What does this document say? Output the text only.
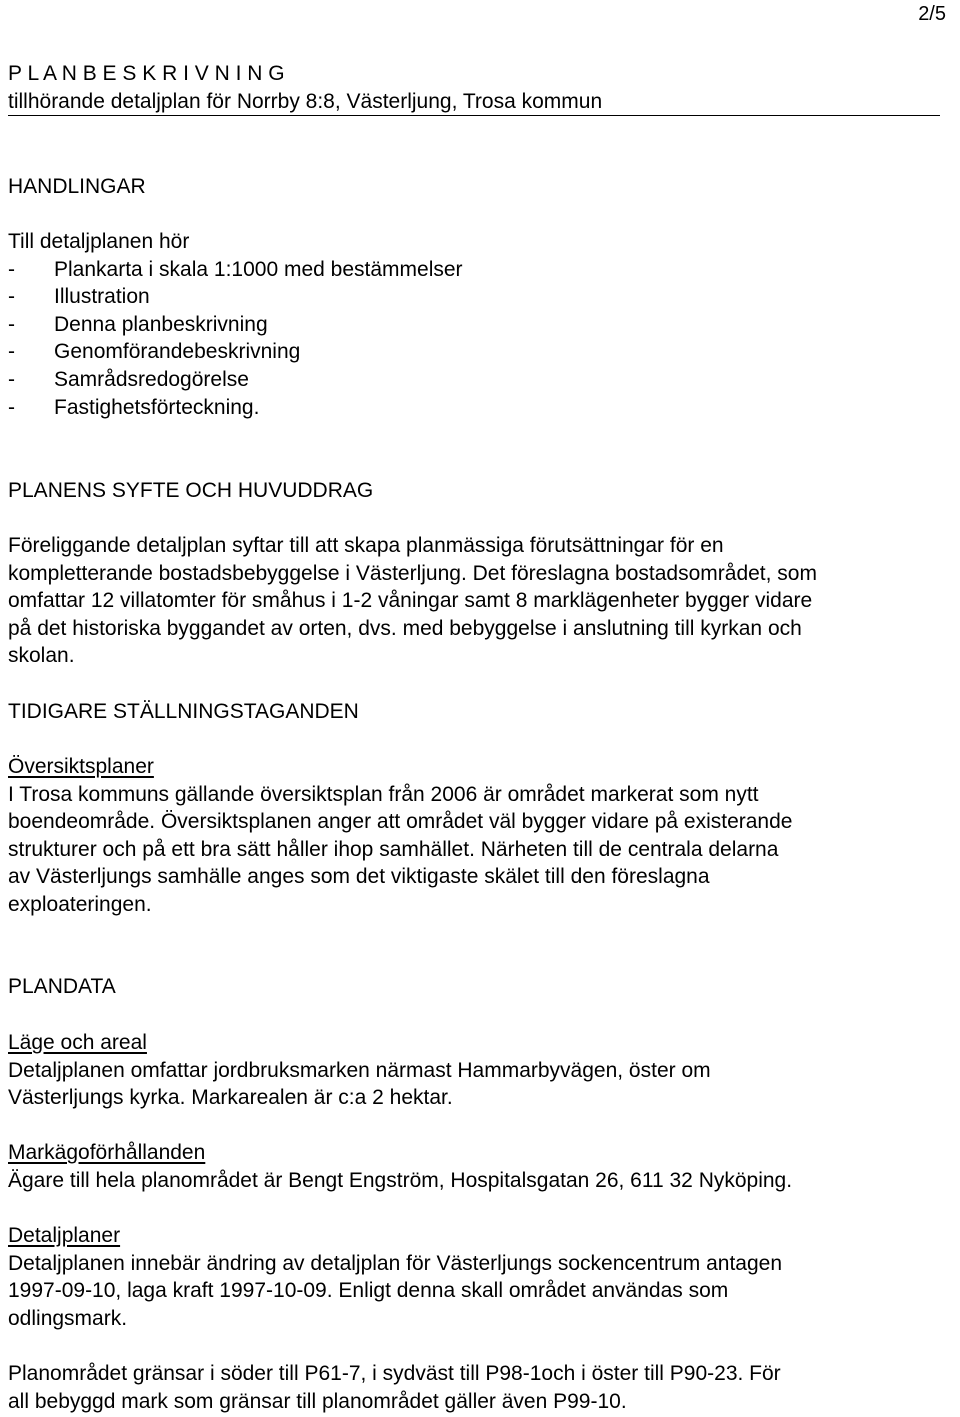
2/5
P L A N B E S K R I V N I N G
tillhörande detaljplan för Norrby 8:8, Västerljung, Trosa kommun
HANDLINGAR

Till detaljplanen hör

- Plankarta i skala 1:1000 med bestämmelser
- Illustration
- Denna planbeskrivning
- Genomförandebeskrivning
- Samrådsredogörelse
- Fastighetsförteckning.
PLANENS SYFTE OCH HUVUDDRAG

Föreliggande detaljplan syftar till att skapa planmässiga förutsättningar för en

kompletterande bostadsbebyggelse i Västerljung. Det föreslagna bostadsområdet, som

omfattar 12 villatomter för småhus i 1-2 våningar samt 8 marklägenheter bygger vidare

på det historiska byggandet av orten, dvs. med bebyggelse i anslutning till kyrkan och

skolan.

TIDIGARE STÄLLNINGSTAGANDEN

Översiktsplaner

I Trosa kommuns gällande översiktsplan från 2006 är området markerat som nytt

boendeområde. Översiktsplanen anger att området väl bygger vidare på existerande

strukturer och på ett bra sätt håller ihop samhället. Närheten till de centrala delarna

av Västerljungs samhälle anges som det viktigaste skälet till den föreslagna

exploateringen.

PLANDATA

Läge och areal

Detaljplanen omfattar jordbruksmarken närmast Hammarbyvägen, öster om

Västerljungs kyrka. Markarealen är c:a 2 hektar.

Markägoförhållanden

Ägare till hela planområdet är Bengt Engström, Hospitalsgatan 26, 611 32 Nyköping.

Detaljplaner

Detaljplanen innebär ändring av detaljplan för Västerljungs sockencentrum antagen

1997-09-10, laga kraft 1997-10-09. Enligt denna skall området användas som

odlingsmark.

Planområdet gränsar i söder till P61-7, i sydväst till P98-1och i öster till P90-23. För

all bebyggd mark som gränsar till planområdet gäller även P99-10.
